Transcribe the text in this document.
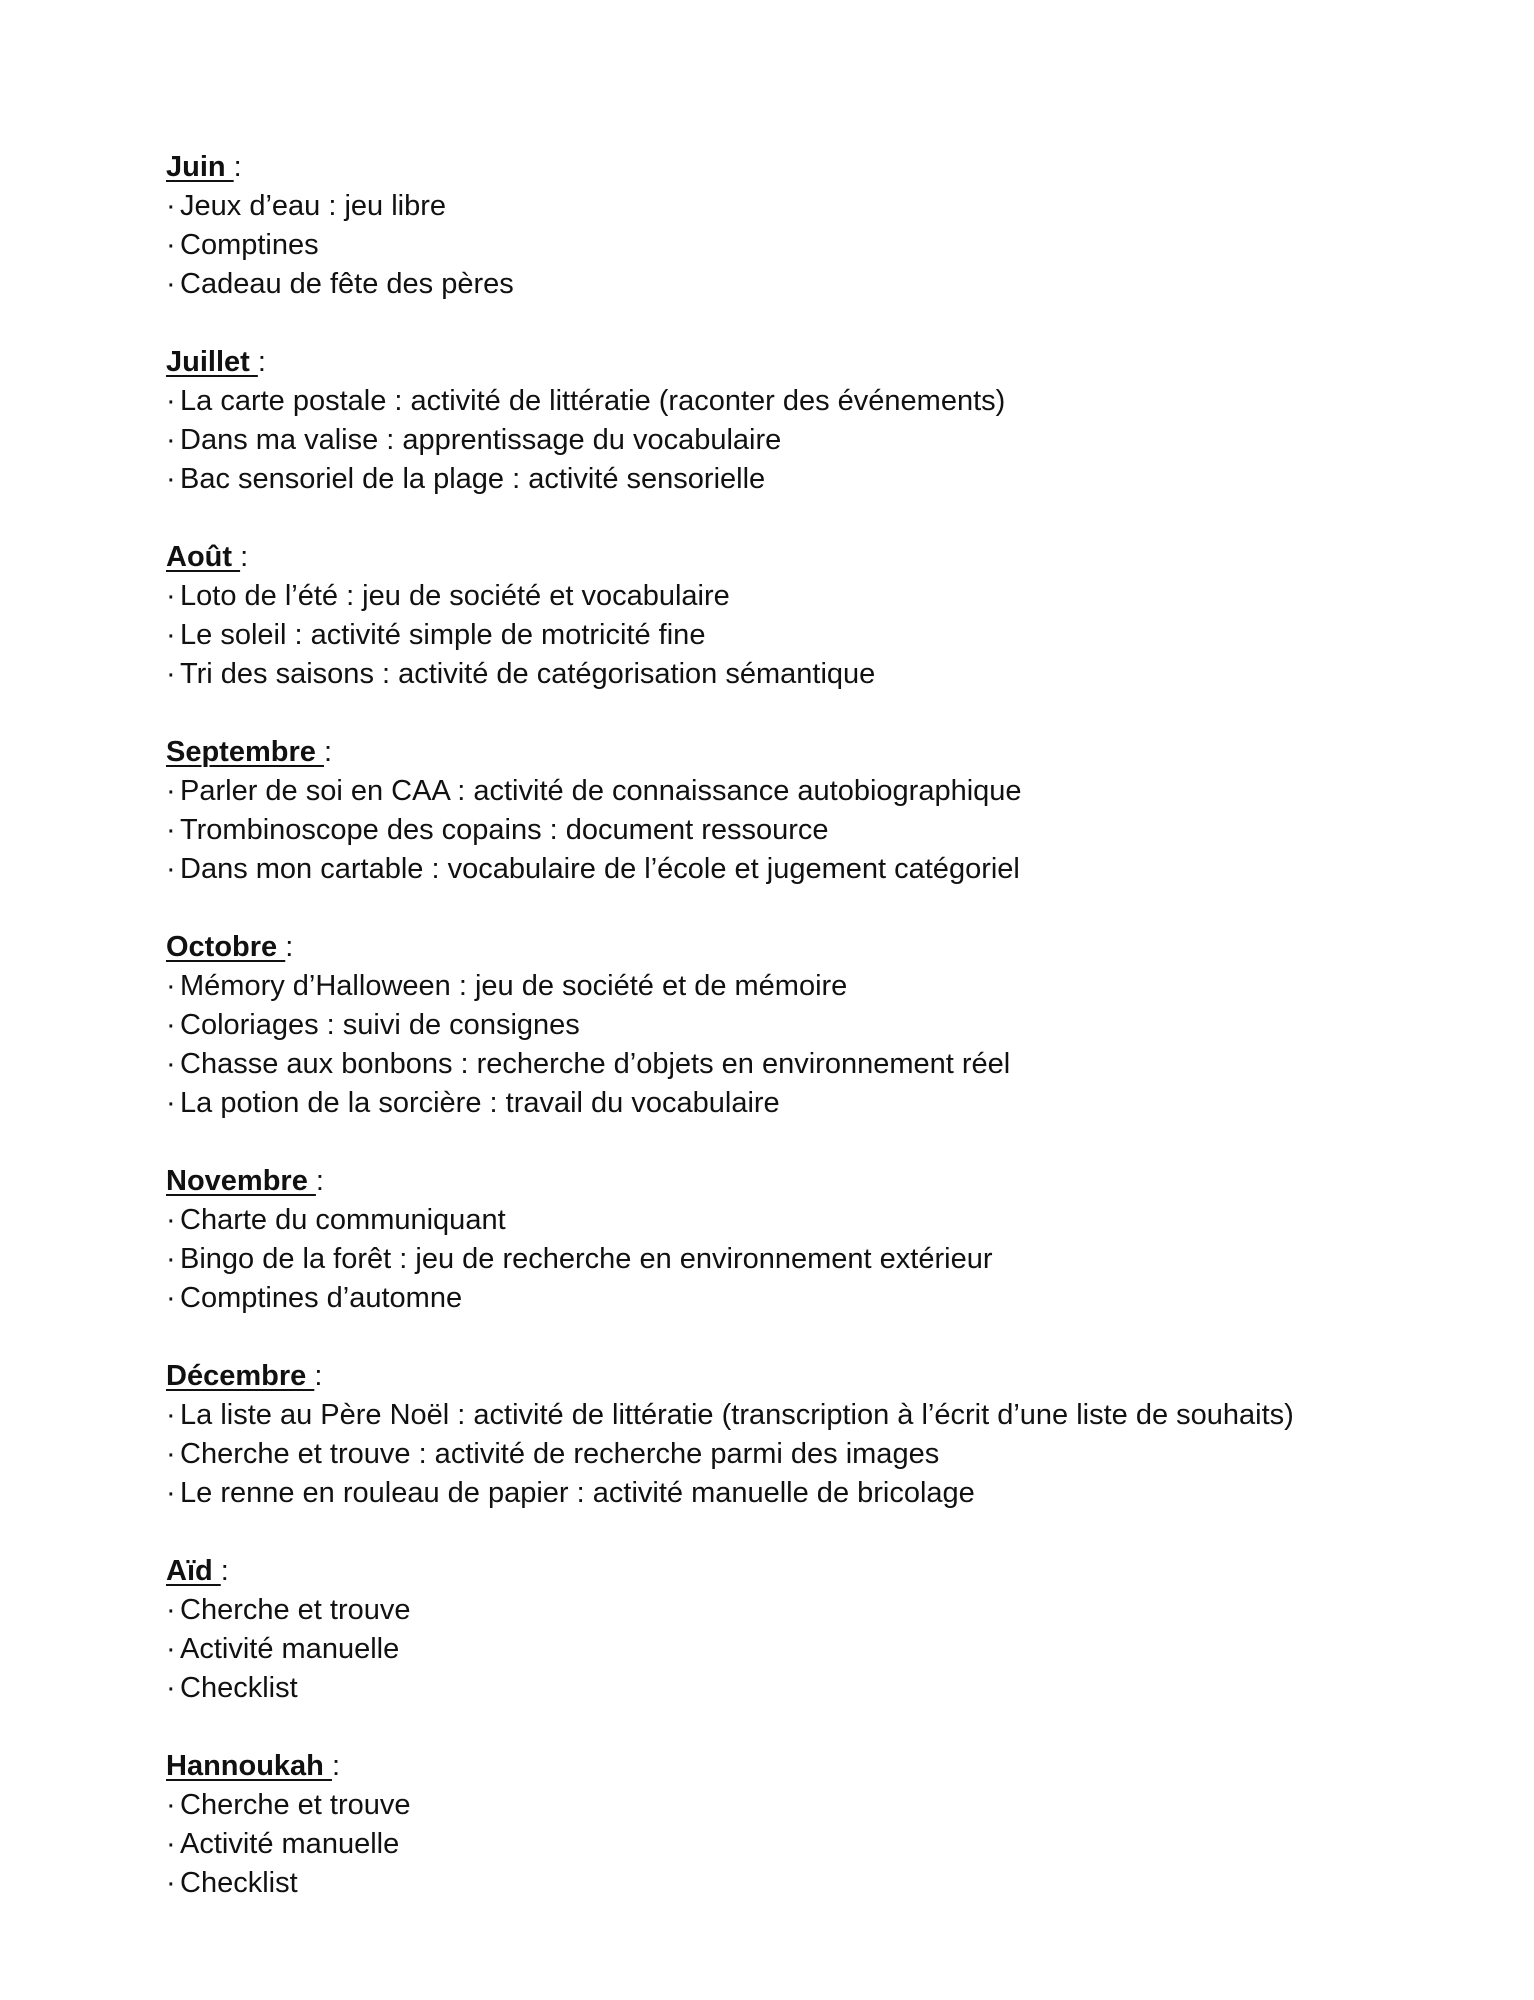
Juin :
· Jeux d’eau : jeu libre
· Comptines
· Cadeau de fête des pères
Juillet :
· La carte postale : activité de littératie (raconter des événements)
· Dans ma valise : apprentissage du vocabulaire
· Bac sensoriel de la plage : activité sensorielle
Août :
· Loto de l’été : jeu de société et vocabulaire
· Le soleil : activité simple de motricité fine
· Tri des saisons : activité de catégorisation sémantique
Septembre :
· Parler de soi en CAA : activité de connaissance autobiographique
· Trombinoscope des copains : document ressource
· Dans mon cartable : vocabulaire de l’école et jugement catégoriel
Octobre :
· Mémory d’Halloween : jeu de société et de mémoire
· Coloriages : suivi de consignes
· Chasse aux bonbons : recherche d’objets en environnement réel
· La potion de la sorcière : travail du vocabulaire
Novembre :
· Charte du communiquant
· Bingo de la forêt : jeu de recherche en environnement extérieur
· Comptines d’automne
Décembre :
· La liste au Père Noël : activité de littératie (transcription à l’écrit d’une liste de souhaits)
· Cherche et trouve : activité de recherche parmi des images
· Le renne en rouleau de papier : activité manuelle de bricolage
Aïd :
· Cherche et trouve
· Activité manuelle
· Checklist
Hannoukah :
· Cherche et trouve
· Activité manuelle
· Checklist
